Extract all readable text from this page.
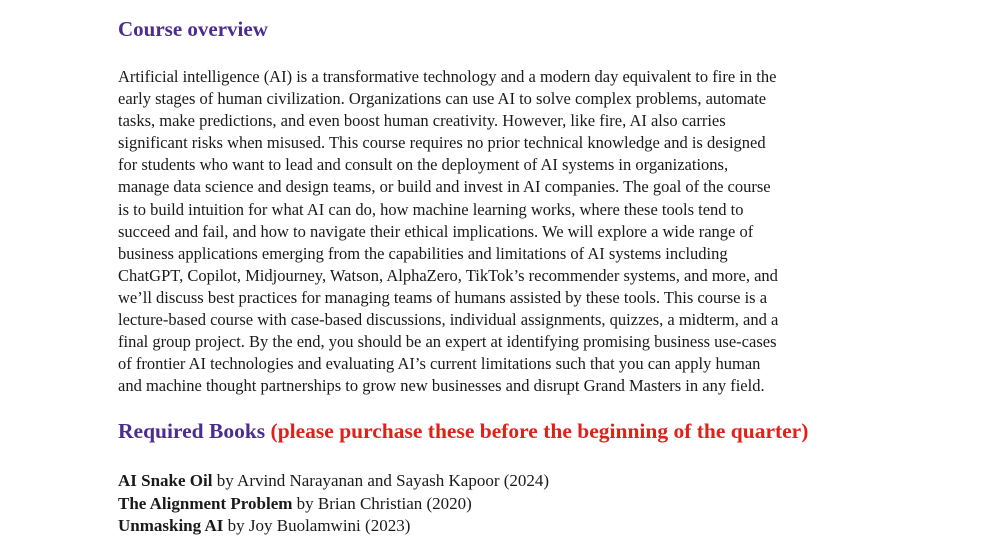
Course overview

Artificial intelligence (AI) is a transformative technology and a modern day equivalent to fire in the
early stages of human civilization. Organizations can use AI to solve complex problems, automate
tasks, make predictions, and even boost human creativity. However, like fire, AI also carries
significant risks when misused. This course requires no prior technical knowledge and is designed
for students who want to lead and consult on the deployment of AI systems in organizations,
manage data science and design teams, or build and invest in AI companies. The goal of the course
is to build intuition for what AI can do, how machine learning works, where these tools tend to
succeed and fail, and how to navigate their ethical implications. We will explore a wide range of
business applications emerging from the capabilities and limitations of AI systems including
ChatGPT, Copilot, Midjourney, Watson, AlphaZero, TikTok’s recommender systems, and more, and
we’ll discuss best practices for managing teams of humans assisted by these tools. This course is a
lecture-based course with case-based discussions, individual assignments, quizzes, a midterm, and a
final group project. By the end, you should be an expert at identifying promising business use-cases
of frontier AI technologies and evaluating AI’s current limitations such that you can apply human
and machine thought partnerships to grow new businesses and disrupt Grand Masters in any field.

Required Books (please purchase these before the beginning of the quarter)
AI Snake Oil by Arvind Narayanan and Sayash Kapoor (2024)
The Alignment Problem by Brian Christian (2020)
Unmasking AI by Joy Buolamwini (2023)
